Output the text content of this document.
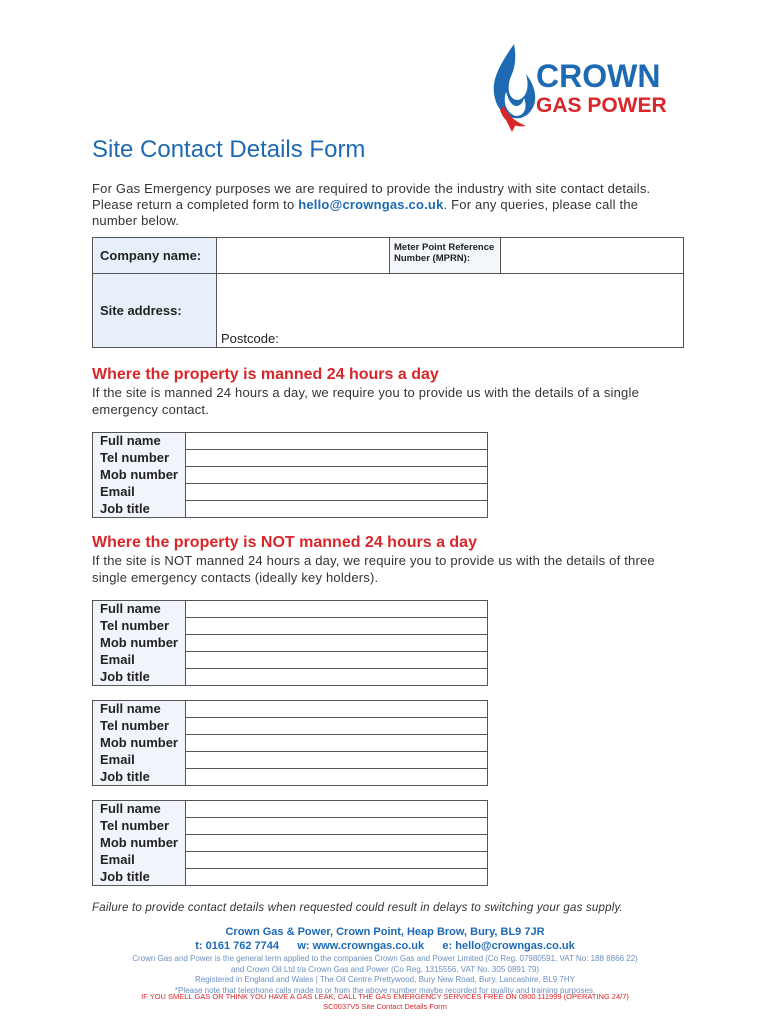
CROWN
GAS POWER
Site Contact Details Form
For Gas Emergency purposes we are required to provide the industry with site contact details. Please return a completed form to hello@crowngas.co.uk. For any queries, please call the number below.
Company name:		Meter Point Reference Number (MPRN):	
Site address:	Postcode:		
Where the property is manned 24 hours a day
If the site is manned 24 hours a day, we require you to provide us with the details of a single emergency contact.
Full name	
Tel number	
Mob number	
Email	
Job title	
Where the property is NOT manned 24 hours a day
If the site is NOT manned 24 hours a day, we require you to provide us with the details of three single emergency contacts (ideally key holders).
Full name	
Tel number	
Mob number	
Email	
Job title	
Full name	
Tel number	
Mob number	
Email	
Job title	
Full name	
Tel number	
Mob number	
Email	
Job title	
Failure to provide contact details when requested could result in delays to switching your gas supply.
Crown Gas & Power, Crown Point, Heap Brow, Bury, BL9 7JR
t: 0161 762 7744      w: www.crowngas.co.uk      e: hello@crowngas.co.uk
Crown Gas and Power is the general term applied to the companies Crown Gas and Power Limited (Co Reg. 07980591, VAT No: 188 8866 22)
and Crown Oil Ltd t/a Crown Gas and Power (Co Reg. 1315556, VAT No. 305 0891 79)
Registered in England and Wales | The Oil Centre Prettywood, Bury New Road, Bury, Lancashire, BL9 7HY
*Please note that telephone calls made to or from the above number maybe recorded for quality and training purposes.
IF YOU SMELL GAS OR THINK YOU HAVE A GAS LEAK, CALL THE GAS EMERGENCY SERVICES FREE ON 0800 111999 (OPERATING 24/7)
SC0037V5 Site Contact Details Form
